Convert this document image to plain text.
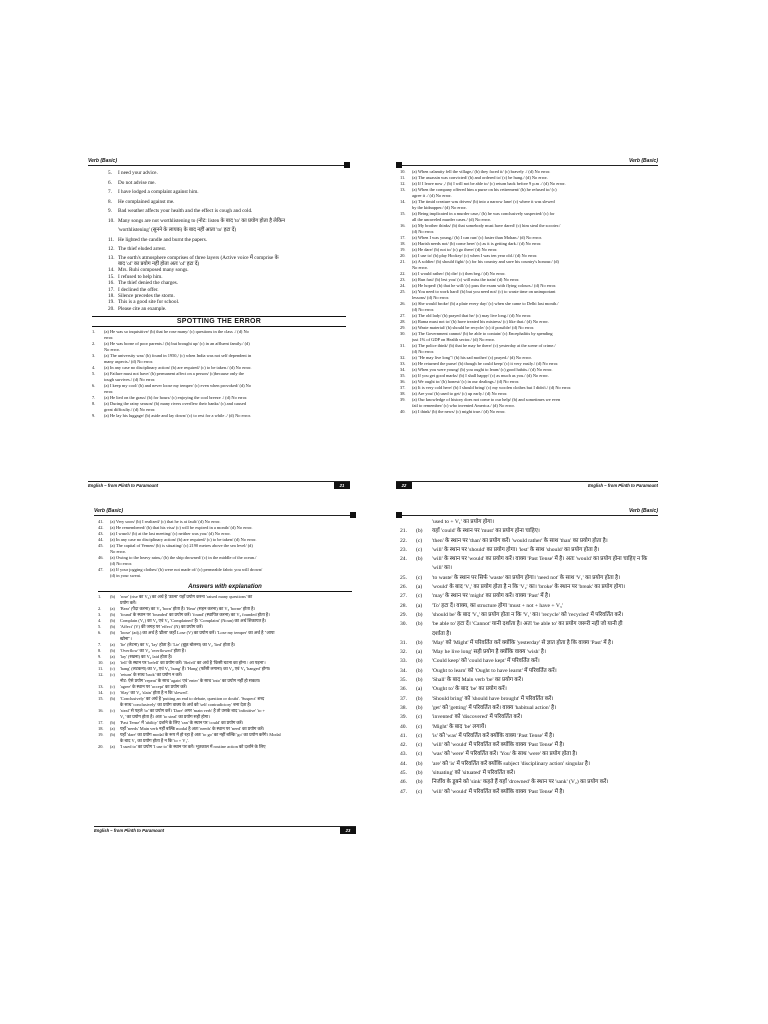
Verb (Basic)
5. I need your advice.
6. Do not advise me.
7. I have lodged a complaint against him.
8. He complained against me.
9. Bad weather affects your health and the effect is cough and cold.
10. Many songs are not worthlistening to (नोट: listen के बाद 'to' का प्रयोग होता है लेकिन
'worthlistening' (सुनने के लायक) के बाद नहीं आता 'to' हटा दें)
11. He lighted the candle and burnt the papers.
12. The thief eluded arrest.
13. The earth's atmosphere comprises of three layers (Active voice में comprise के
बाद 'of' का प्रयोग नहीं होता अतः 'of' हटा दें)
14. Mrs. Ruhi composed many songs.
15. I refused to help him.
16. The thief denied the charges.
17. I declined the offer.
18. Silence precedes the storm.
19. This is a good site for school.
20. Please cite an example.
SPOTTING THE ERROR
1.	(a) He was so inquisitive/ (b) that he rose many/ (c) questions in the class ./ (d) No
error.
2.	(a) He was borne of poor parents./ (b) but brought up/ (c) in an affluent family./ (d)
No error.
3.	(a) The university was/ (b) found in 1950,/ (c) when India was not self dependent in
many aspects./ (d) No error.
4.	(a) In any case no disciplinary action/ (b) are required/ (c) to be taken./ (d) No error.
5.	(a) Failure must not have/ (b) permanent affect on a person/ (c)because only the
tough survives./ (d) No error.
6.	(a) I keep my cool/ (b) and never loose my temper/ (c) even when provoked/ (d) No
error.
7.	(a) He lied on the grass/ (b) for hours/ (c) enjoying the cool breeze ./ (d) No error.
8.	(a) During the rainy season/ (b) many rivers overflew their banks/ (c) and caused
great difficulty./ (d) No error.
9.	(a) He lay his luggage/ (b) aside and lay down/ (c) to rest for a while ./ (d) No error.
English – from Plinth to Paramount	21
Verb (Basic)
10.	(a) When calamity fell the village,/ (b) they faced it/ (c) bravely ./ (d) No error.
11.	(a) The assassin was convicted/ (b) and ordered to/ (c) be hung./ (d) No error.
12.	(a) If I leave now ,/ (b) I will not be able to/ (c) return back before 9 p.m ./ (d) No error.
13.	(a) When the company offered him a purse on his retirement/ (b) he refused to/ (c)
agree it ./ (d) No error.
14.	(a) The timid creature was driven/ (b) into a narrow lane/ (c) where it was slewed
by the kidnapper./ (d) No error.
15.	(a) Being implicated in a murder case,/ (b) he was conclusively suspected/ (c) for
all the unraveled murder cases./ (d) No error.
16.	(a) My brother thinks/ (b) that somebody must have dared/ (c) him steal the scooter./
(d) No error.
17.	(a) When I was young,/ (b) I can run/ (c) faster than Mohan./ (d) No error.
18.	(a) Harish needs not/ (b) come here/ (c) as it is getting dark./ (d) No error.
19.	(a) He dare/ (b) not to/ (c) go there/ (d) No error.
20.	(a) I use to/ (b) play Hockey/ (c) when I was ten year old./ (d) No error.
21.	(a) A soldier/ (b) should fight/ (c) for his country and save his country's honour./ (d)
No error.
22.	(a) I would rather/ (b) die/ (c) then beg./ (d) No error.
23.	(a) Run fast/ (b) lest you/ (c) will miss the train/ (d) No error.
24.	(a) He hoped/ (b) that he will/ (c) pass the exam with flying colours./ (d) No error.
25.	(a) You need to work hard/ (b) but you need not/ (c) to waste time on unimportant
lessons/ (d) No error.
26.	(a) She would broke/ (b) a plate every day/ (c) when she came to Delhi last month./
(d) No error.
27.	(a) The old lady/ (b) prayed that he/ (c) may live long./ (d) No error.
28.	(a) Rama must not to/ (b) have treated his mistress/ (c) like that./ (d) No error.
29.	(a) Waste material/ (b) should be recycle/ (c) if possible/ (d) No error.
30.	(a) The Government cannot/ (b) be able to contain/ (c) Encephalitis by spending
just 1% of GDP on Health sector./ (d) No error.
31.	(a) The police think/ (b) that he may be there/ (c) yesterday at the scene of crime./
(d) No error.
32.	(a) "He may live long"/ (b) his sad mother/ (c) prayed./ (d) No error.
33.	(a) He returned the purse/ (b) though he could keep/ (c) it very easily./ (d) No error.
34.	(a) When you were young/ (b) you ought to learn/ (c) good habits./ (d) No error.
35.	(a) If you get good marks/ (b) I shall happy/ (c) as much as you./ (d) No error.
36.	(a) We ought to/ (b) honest/ (c) in our dealings./ (d) No error.
37.	(a) It is very cold here/ (b) I should bring/ (c) my woolen clothes but I didn't./ (d) No error.
38.	(a) Are you/ (b) used to get/ (c) up early./ (d) No error.
39.	(a) Our knowledge of history does not come to our help/ (b) and sometimes we even
fail to remember/ (c) who invented America./ (d) No error.
40.	(a) I think/ (b) the news/ (c) might true./ (d) No error.
22	English – from Plinth to Paramount
Verb (Basic)
41.	(a) Very soon/ (b) I realized/ (c) that he is at fault/ (d) No error.
42.	(a) He remembered/ (b) that his visa/ (c) will be expired in a month/ (d) No error.
43.	(a) I wasn't/ (b) at the last meeting/ (c) neither was you/ (d) No error.
44.	(a) In any case no disciplinary action/ (b) are required/ (c) to be taken/ (d) No error.
45.	(a) The capital of Yemen/ (b) is situating/ (c) 2190 metres above the sea level/ (d)
No error.
46.	(a) Owing to the heavy rains,/ (b) the ship drowned/ (c) in the middle of the ocean./
(d) No error.
47.	(a) If your jogging clothes/ (b) were not made of/ (c) permeable fabric you will drown/
(d) in your sweat.
Answers with explanation
1.	(b)	'rose' (rise का V₂) का अर्थ है 'उठना' यहाँ प्रयोग करना 'raised many questions' का
प्रयोग करें।
2.	(a)	'Bear' (पैदा करना) का V₃ 'born' होता है। 'Bear' (सहन करना) का V₃ 'borne' होता है।
3.	(b)	'found' के स्थान पर 'founded' का प्रयोग करें। 'found' (स्थापित करना) का V₃ founded होता है।
4.	(b)	Complain (V₁) का V₂ एवं V₃ 'Complained' है। 'Complaint' (Noun) का अर्थ शिकायत है।
5.	(b)	'Affect' (V) की जगह पर 'effect' (N) का प्रयोग करें।
6.	(b)	'loose' (adj.) का अर्थ है 'ढीला' जहाँ Lose (V) का प्रयोग करें। 'Lose my temper' का अर्थ है "आपा
खोना"।
7.	(a)	'lie' (लेटना) का V₂ 'lay' होता है। 'Lie' (झूठ बोलना) का V₂ 'lied' होता है।
8.	(b)	'Overflow' का V₂ 'overflowed' होता है।
9.	(a)	'lay' (रखना) का V₂ laid होता है।
10.	(a)	'fell' के स्थान पर 'befell' का प्रयोग करें। 'Befell' का अर्थ है 'किसी घटना का होना / आ पड़ना'।
11.	(c)	'hang' (लटकना) का V₂ एवं V₃ 'hung' है। 'Hang' (फाँसी लगाना) का V₂ एवं V₃ 'hanged' होगा।
12.	(c)	'return' के साथ 'back' का प्रयोग न करें।
नोट: ऐसे प्रयोग 'repeat' के साथ 'again' एवं 'enter' के साथ 'into' का प्रयोग नहीं हो सकता।
13.	(c)	'agree' के स्थान पर 'accept' का प्रयोग करें।
14.	(c)	'Slay' का V₂ 'slain' होता है न कि 'slewed'.
15.	(b)	'Conclusively' का अर्थ है 'putting an end to debate, question or doubt'. 'Suspect' शब्द
के साथ 'conclusively' का प्रयोग वाक्य के अर्थ को 'self contradictory' बना देता है।
16.	(c)	'steal' से पहले 'to' का प्रयोग करें। 'Dare' अगर 'main verb' है तो उसके बाद 'infinitive' 'to +
V₁' का प्रयोग होता है। अतः 'to steal' का प्रयोग सही होगा।
17.	(b)	'Past Tense' में 'ability' दर्शाने के लिए 'can' के स्थान पर 'could' का प्रयोग करें।
18.	(a)	यहाँ 'needs' Main verb नहीं बल्कि modal है अतः 'needs' के स्थान पर 'need' का प्रयोग करें।
19.	(b)	यहाँ 'dare' का प्रयोग modal के रूप में हो रहा है अतः 'to go' का नहीं बल्कि 'go' का प्रयोग करेंगे। Modal
के बाद V₁ का प्रयोग होता है न कि 'to + V₁'.
20.	(a)	'I used to' का प्रयोग 'I use to' के स्थान पर करें। भूतकाल में routine action को दर्शाने के लिए
English – from Plinth to Paramount	23
Verb (Basic)
'used to + V₁' का प्रयोग होगा।
21.	(b)	यहाँ 'could' के स्थान पर 'must' का प्रयोग होना चाहिए।
22.	(c)	'then' के स्थान पर 'than' का प्रयोग करें। 'would rather' के साथ 'than' का प्रयोग होता है।
23.	(c)	'will' के स्थान पर 'should' का प्रयोग होगा। 'lest' के साथ 'should' का प्रयोग होता है।
24.	(b)	'will' के स्थान पर 'would' का प्रयोग करें। वाक्य 'Past Tense' में है। अतः 'would' का प्रयोग होना चाहिए न कि
'will' का।
25.	(c)	'to waste' के स्थान पर सिर्फ 'waste' का प्रयोग होगा। 'need not' के साथ 'V₁' का प्रयोग होता है।
26.	(a)	'would' के बाद 'V₁' का प्रयोग होता है न कि 'V₂' का। 'broke' के स्थान पर 'break' का प्रयोग होगा।
27.	(c)	'may' के स्थान पर 'might' का प्रयोग करें। वाक्य 'Past' में है।
28.	(a)	'To' हटा दें। वाक्य, का structure होगा 'must + not + have + V₃'
29.	(b)	'should be' के बाद 'V₃' का प्रयोग होता न कि 'V₁' का। 'recycle' को 'recycled' में परिवर्तित करें।
30.	(b)	'be able to' हटा दें। 'Cannot' यानी दर्शाता है। अतः 'be able to' का प्रयोग जरूरी नहीं जो यानी ही
दर्शाता है।
31.	(b)	'May' को 'Might' में परिवर्तित करें क्योंकि 'yesterday' से ज्ञात होता है कि वाक्य 'Past' में है।
32.	(a)	'May he live long' सही प्रयोग है क्योंकि वाक्य 'wish' है।
33.	(b)	'Could keep' को 'could have kept' में परिवर्तित करें।
34.	(b)	'Ought to learn' को 'Ought to have learnt' में परिवर्तित करें।
35.	(b)	'Shall' के बाद Main verb 'be' का प्रयोग करें।
36.	(a)	'Ought to' के बाद 'be' का प्रयोग करें।
37.	(b)	'Should bring' को 'should have brought' में परिवर्तित करें।
38.	(b)	'get' को 'getting' में परिवर्तित करें। वाक्य 'habitual action' है।
39.	(c)	'invented' को 'discovered' में परिवर्तित करें।
40.	(c)	'Might' के बाद 'be' लगायें।
41.	(c)	'is' को 'was' में परिवर्तित करें क्योंकि वाक्य 'Past Tense' में है।
42.	(c)	'will' को 'would' में परिवर्तित करें क्योंकि वाक्य 'Past Tense' में है।
43.	(c)	'was' को 'were' में परिवर्तित करें। 'You' के साथ 'were' का प्रयोग होता है।
44.	(b)	'are' को 'is' में परिवर्तित करें क्योंकि subject 'disciplinary action' singular है।
45.	(b)	'situating' को 'situated' में परिवर्तित करें।
46.	(b)	निर्जीव के डूबने को 'sink' कहते हैं यहाँ 'drowned' के स्थान पर 'sank' (V₂) का प्रयोग करें।
47.	(c)	'will' को 'would' में परिवर्तित करें क्योंकि वाक्य 'Past Tense' में है।
